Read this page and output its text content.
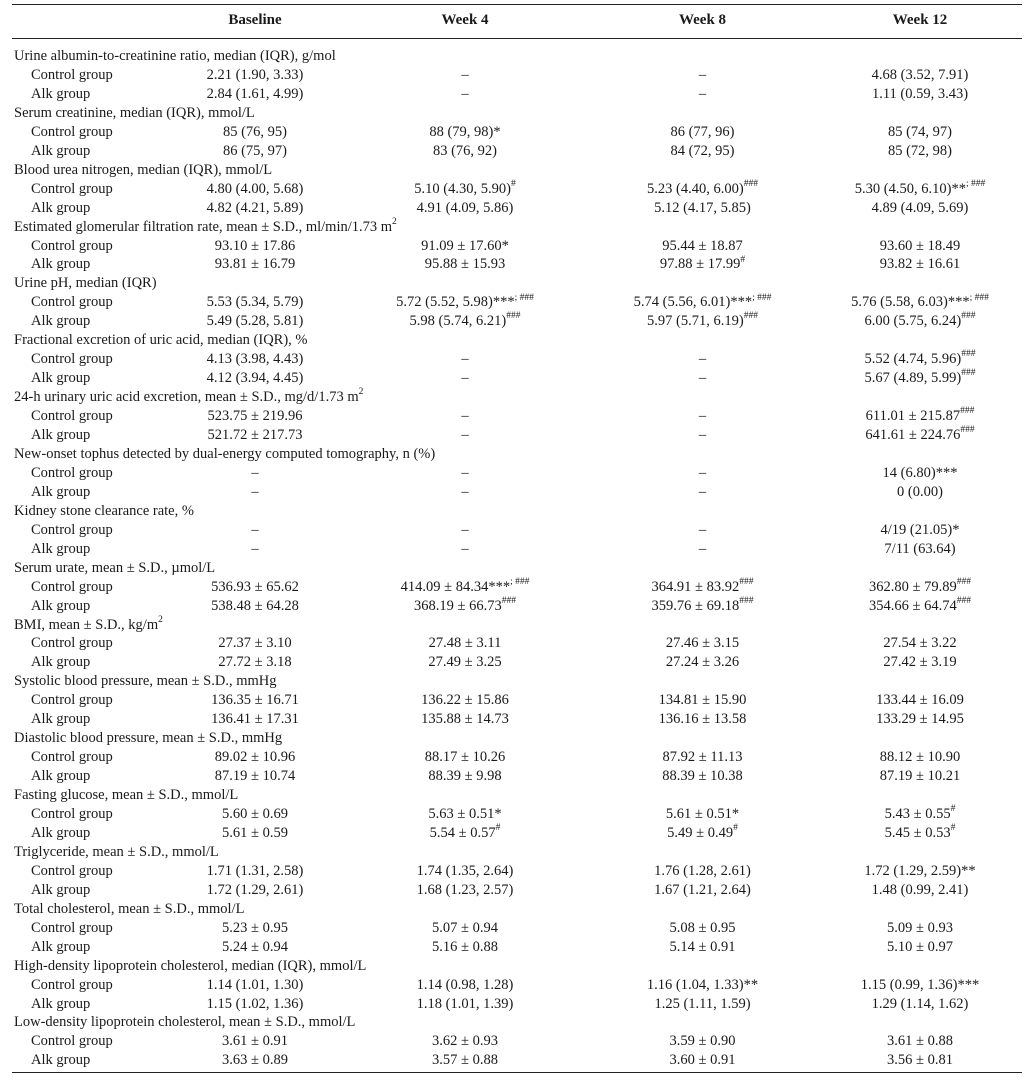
Baseline	Week 4	Week 8	Week 12
Urine albumin-to-creatinine ratio, median (IQR), g/mol
Control group	2.21 (1.90, 3.33)	–	–	4.68 (3.52, 7.91)
Alk group	2.84 (1.61, 4.99)	–	–	1.11 (0.59, 3.43)
Serum creatinine, median (IQR), mmol/L
Control group	85 (76, 95)	88 (79, 98)*	86 (77, 96)	85 (74, 97)
Alk group	86 (75, 97)	83 (76, 92)	84 (72, 95)	85 (72, 98)
Blood urea nitrogen, median (IQR), mmol/L
Control group	4.80 (4.00, 5.68)	5.10 (4.30, 5.90)#	5.23 (4.40, 6.00)###	5.30 (4.50, 6.10)**; ###
Alk group	4.82 (4.21, 5.89)	4.91 (4.09, 5.86)	5.12 (4.17, 5.85)	4.89 (4.09, 5.69)
Estimated glomerular filtration rate, mean ± S.D., ml/min/1.73 $m^2$
Control group	93.10 ± 17.86	91.09 ± 17.60*	95.44 ± 18.87	93.60 ± 18.49
Alk group	93.81 ± 16.79	95.88 ± 15.93	97.88 ± 17.99#	93.82 ± 16.61
Urine pH, median (IQR)
Control group	5.53 (5.34, 5.79)	5.72 (5.52, 5.98)***; ###	5.74 (5.56, 6.01)***; ###	5.76 (5.58, 6.03)***; ###
Alk group	5.49 (5.28, 5.81)	5.98 (5.74, 6.21)###	5.97 (5.71, 6.19)###	6.00 (5.75, 6.24)###
Fractional excretion of uric acid, median (IQR), %
Control group	4.13 (3.98, 4.43)	–	–	5.52 (4.74, 5.96)###
Alk group	4.12 (3.94, 4.45)	–	–	5.67 (4.89, 5.99)###
24-h urinary uric acid excretion, mean ± S.D., mg/d/1.73 $m^2$
Control group	523.75 ± 219.96	–	–	611.01 ± 215.87###
Alk group	521.72 ± 217.73	–	–	641.61 ± 224.76###
New-onset tophus detected by dual-energy computed tomography, n (%)
Control group	–	–	–	14 (6.80)***
Alk group	–	–	–	0 (0.00)
Kidney stone clearance rate, %
Control group	–	–	–	4/19 (21.05)*
Alk group	–	–	–	7/11 (63.64)
Serum urate, mean ± S.D., µmol/L
Control group	536.93 ± 65.62	414.09 ± 84.34***; ###	364.91 ± 83.92###	362.80 ± 79.89###
Alk group	538.48 ± 64.28	368.19 ± 66.73###	359.76 ± 69.18###	354.66 ± 64.74###
BMI, mean ± S.D., $kg/m^2$
Control group	27.37 ± 3.10	27.48 ± 3.11	27.46 ± 3.15	27.54 ± 3.22
Alk group	27.72 ± 3.18	27.49 ± 3.25	27.24 ± 3.26	27.42 ± 3.19
Systolic blood pressure, mean ± S.D., mmHg
Control group	136.35 ± 16.71	136.22 ± 15.86	134.81 ± 15.90	133.44 ± 16.09
Alk group	136.41 ± 17.31	135.88 ± 14.73	136.16 ± 13.58	133.29 ± 14.95
Diastolic blood pressure, mean ± S.D., mmHg
Control group	89.02 ± 10.96	88.17 ± 10.26	87.92 ± 11.13	88.12 ± 10.90
Alk group	87.19 ± 10.74	88.39 ± 9.98	88.39 ± 10.38	87.19 ± 10.21
Fasting glucose, mean ± S.D., mmol/L
Control group	5.60 ± 0.69	5.63 ± 0.51*	5.61 ± 0.51*	5.43 ± 0.55#
Alk group	5.61 ± 0.59	5.54 ± 0.57#	5.49 ± 0.49#	5.45 ± 0.53#
Triglyceride, mean ± S.D., mmol/L
Control group	1.71 (1.31, 2.58)	1.74 (1.35, 2.64)	1.76 (1.28, 2.61)	1.72 (1.29, 2.59)**
Alk group	1.72 (1.29, 2.61)	1.68 (1.23, 2.57)	1.67 (1.21, 2.64)	1.48 (0.99, 2.41)
Total cholesterol, mean ± S.D., mmol/L
Control group	5.23 ± 0.95	5.07 ± 0.94	5.08 ± 0.95	5.09 ± 0.93
Alk group	5.24 ± 0.94	5.16 ± 0.88	5.14 ± 0.91	5.10 ± 0.97
High-density lipoprotein cholesterol, median (IQR), mmol/L
Control group	1.14 (1.01, 1.30)	1.14 (0.98, 1.28)	1.16 (1.04, 1.33)**	1.15 (0.99, 1.36)***
Alk group	1.15 (1.02, 1.36)	1.18 (1.01, 1.39)	1.25 (1.11, 1.59)	1.29 (1.14, 1.62)
Low-density lipoprotein cholesterol, mean ± S.D., mmol/L
Control group	3.61 ± 0.91	3.62 ± 0.93	3.59 ± 0.90	3.61 ± 0.88
Alk group	3.63 ± 0.89	3.57 ± 0.88	3.60 ± 0.91	3.56 ± 0.81
